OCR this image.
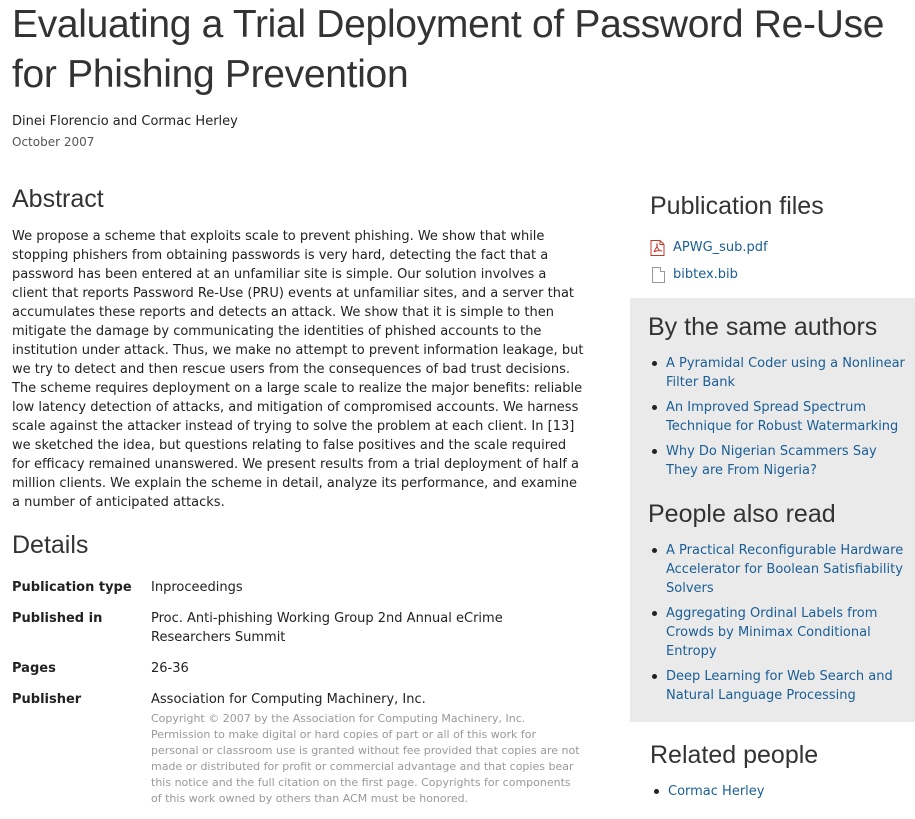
Evaluating a Trial Deployment of Password Re-Use for Phishing Prevention
Dinei Florencio and Cormac Herley
October 2007
Abstract

We propose a scheme that exploits scale to prevent phishing. We show that while stopping phishers from obtaining passwords is very hard, detecting the fact that a password has been entered at an unfamiliar site is simple. Our solution involves a client that reports Password Re-Use (PRU) events at unfamiliar sites, and a server that accumulates these reports and detects an attack. We show that it is simple to then mitigate the damage by communicating the identities of phished accounts to the institution under attack. Thus, we make no attempt to prevent information leakage, but we try to detect and then rescue users from the consequences of bad trust decisions. The scheme requires deployment on a large scale to realize the major benefits: reliable low latency detection of attacks, and mitigation of compromised accounts. We harness scale against the attacker instead of trying to solve the problem at each client. In [13] we sketched the idea, but questions relating to false positives and the scale required for efficacy remained unanswered. We present results from a trial deployment of half a million clients. We explain the scheme in detail, analyze its performance, and examine a number of anticipated attacks.

Details
Publication type	Inproceedings
Published in	Proc. Anti-phishing Working Group 2nd Annual eCrime Researchers Summit
Pages	26-36
Publisher	Association for Computing Machinery, Inc.
Copyright © 2007 by the Association for Computing Machinery, Inc. Permission to make digital or hard copies of part or all of this work for personal or classroom use is granted without fee provided that copies are not made or distributed for profit or commercial advantage and that copies bear this notice and the full citation on the first page. Copyrights for components of this work owned by others than ACM must be honored.
Publication files
APWG_sub.pdf
bibtex.bib
By the same authors
A Pyramidal Coder using a Nonlinear Filter Bank
An Improved Spread Spectrum Technique for Robust Watermarking
Why Do Nigerian Scammers Say They are From Nigeria?
People also read
A Practical Reconfigurable Hardware Accelerator for Boolean Satisfiability Solvers
Aggregating Ordinal Labels from Crowds by Minimax Conditional Entropy
Deep Learning for Web Search and Natural Language Processing
Related people
Cormac Herley
